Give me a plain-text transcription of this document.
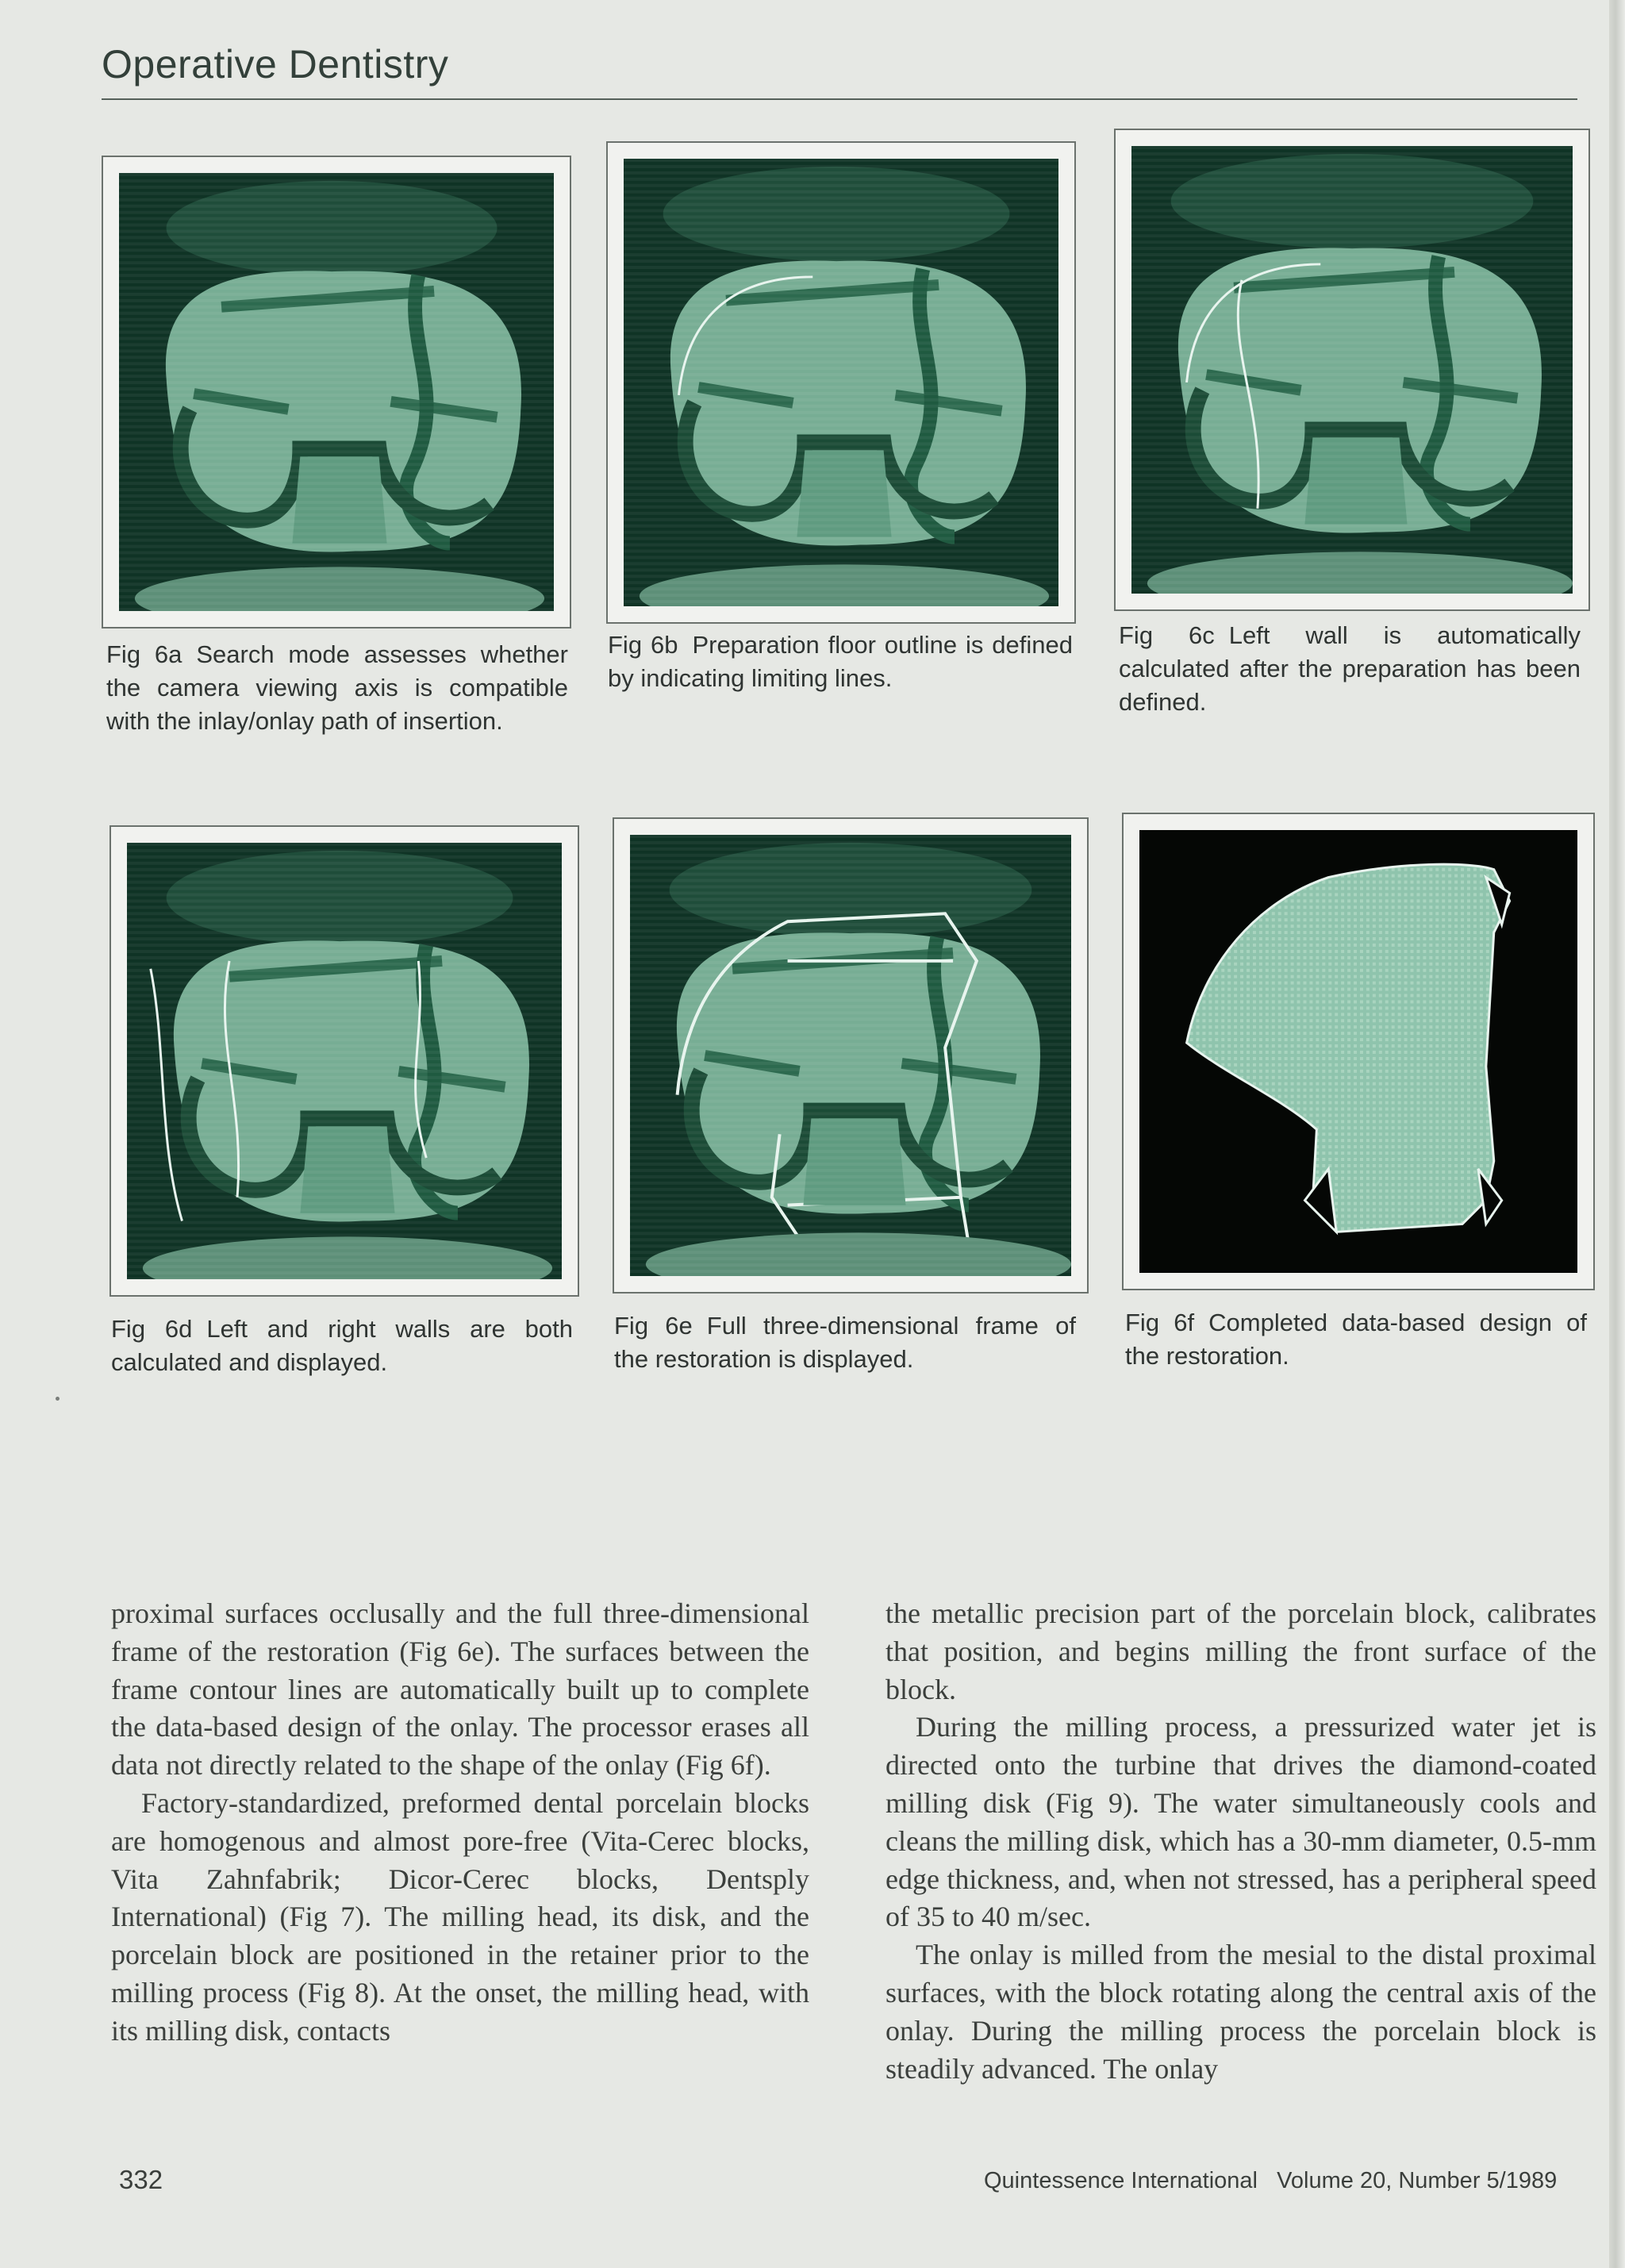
Operative Dentistry
Fig 6a Search mode assesses whether the camera viewing axis is compatible with the inlay/onlay path of insertion.
Fig 6b Preparation floor outline is defined by indicating limiting lines.
Fig 6c Left wall is automatically calculated after the preparation has been defined.
Fig 6d Left and right walls are both calculated and displayed.
Fig 6e Full three-dimensional frame of the restoration is displayed.
Fig 6f Completed data-based design of the restoration.

proximal surfaces occlusally and the full three-dimensional frame of the restoration (Fig 6e). The surfaces between the frame contour lines are automatically built up to complete the data-based design of the onlay. The processor erases all data not directly related to the shape of the onlay (Fig 6f).

Factory-standardized, preformed dental porcelain blocks are homogenous and almost pore-free (Vita-Cerec blocks, Vita Zahnfabrik; Dicor-Cerec blocks, Dentsply International) (Fig 7). The milling head, its disk, and the porcelain block are positioned in the retainer prior to the milling process (Fig 8). At the onset, the milling head, with its milling disk, contacts

the metallic precision part of the porcelain block, calibrates that position, and begins milling the front surface of the block.

During the milling process, a pressurized water jet is directed onto the turbine that drives the diamond-coated milling disk (Fig 9). The water simultaneously cools and cleans the milling disk, which has a 30-mm diameter, 0.5-mm edge thickness, and, when not stressed, has a peripheral speed of 35 to 40 m/sec.

The onlay is milled from the mesial to the distal proximal surfaces, with the block rotating along the central axis of the onlay. During the milling process the porcelain block is steadily advanced. The onlay

332	Quintessence International Volume 20, Number 5/1989
